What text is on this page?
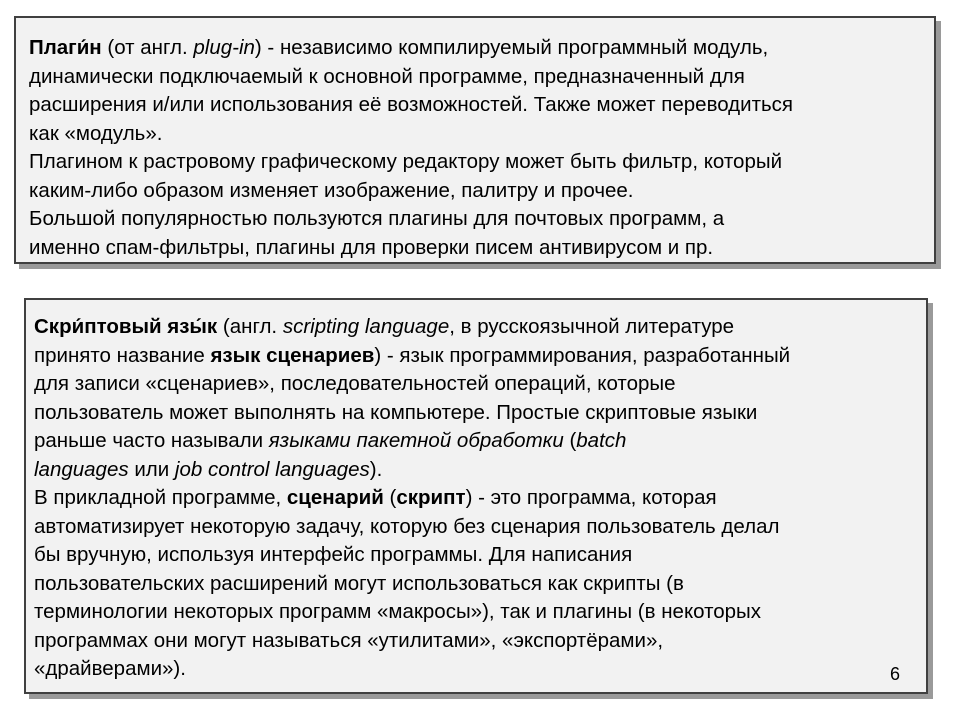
Плаги́н (от англ. plug-in) - независимо компилируемый программный модуль,
динамически подключаемый к основной программе, предназначенный для
расширения и/или использования её возможностей. Также может переводиться
как «модуль».
Плагином к растровому графическому редактору может быть фильтр, который
каким-либо образом изменяет изображение, палитру и прочее.
Большой популярностью пользуются плагины для почтовых программ, а
именно спам-фильтры, плагины для проверки писем антивирусом и пр.
Скри́птовый язы́к (англ. scripting language, в русскоязычной литературе
принято название язык сценариев) - язык программирования, разработанный
для записи «сценариев», последовательностей операций, которые
пользователь может выполнять на компьютере. Простые скриптовые языки
раньше часто называли языками пакетной обработки (batch
languages или job control languages).
В прикладной программе, сценарий (скрипт) - это программа, которая
автоматизирует некоторую задачу, которую без сценария пользователь делал
бы вручную, используя интерфейс программы. Для написания
пользовательских расширений могут использоваться как скрипты (в
терминологии некоторых программ «макросы»), так и плагины (в некоторых
программах они могут называться «утилитами», «экспортёрами»,
«драйверами»).	6
